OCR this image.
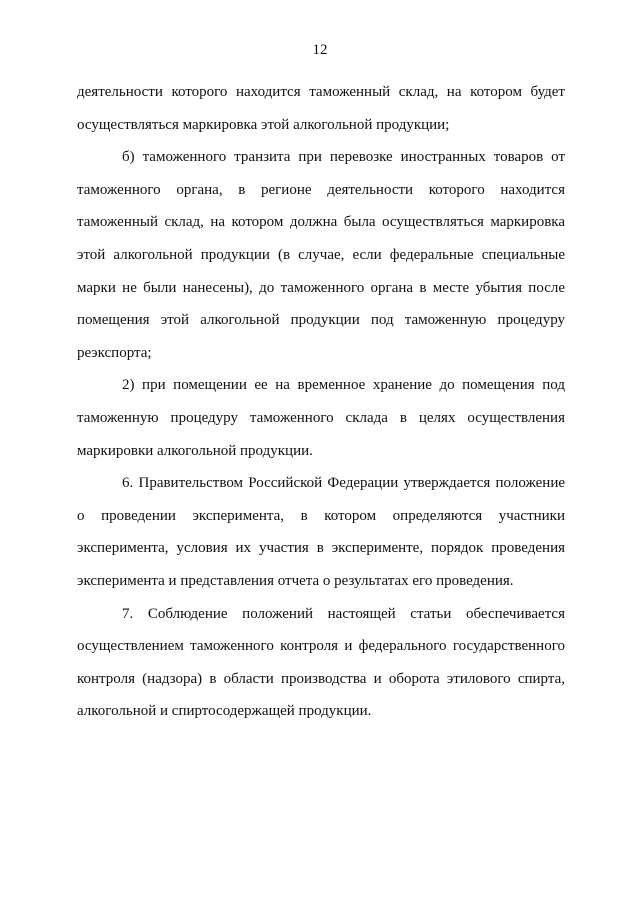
12

деятельности которого находится таможенный склад, на котором будет осуществляться маркировка этой алкогольной продукции;

б) таможенного транзита при перевозке иностранных товаров от таможенного органа, в регионе деятельности которого находится таможенный склад, на котором должна была осуществляться маркировка этой алкогольной продукции (в случае, если федеральные специальные марки не были нанесены), до таможенного органа в месте убытия после помещения этой алкогольной продукции под таможенную процедуру реэкспорта;

2) при помещении ее на временное хранение до помещения под таможенную процедуру таможенного склада в целях осуществления маркировки алкогольной продукции.

6. Правительством Российской Федерации утверждается положение о проведении эксперимента, в котором определяются участники эксперимента, условия их участия в эксперименте, порядок проведения эксперимента и представления отчета о результатах его проведения.

7. Соблюдение положений настоящей статьи обеспечивается осуществлением таможенного контроля и федерального государственного контроля (надзора) в области производства и оборота этилового спирта, алкогольной и спиртосодержащей продукции.
